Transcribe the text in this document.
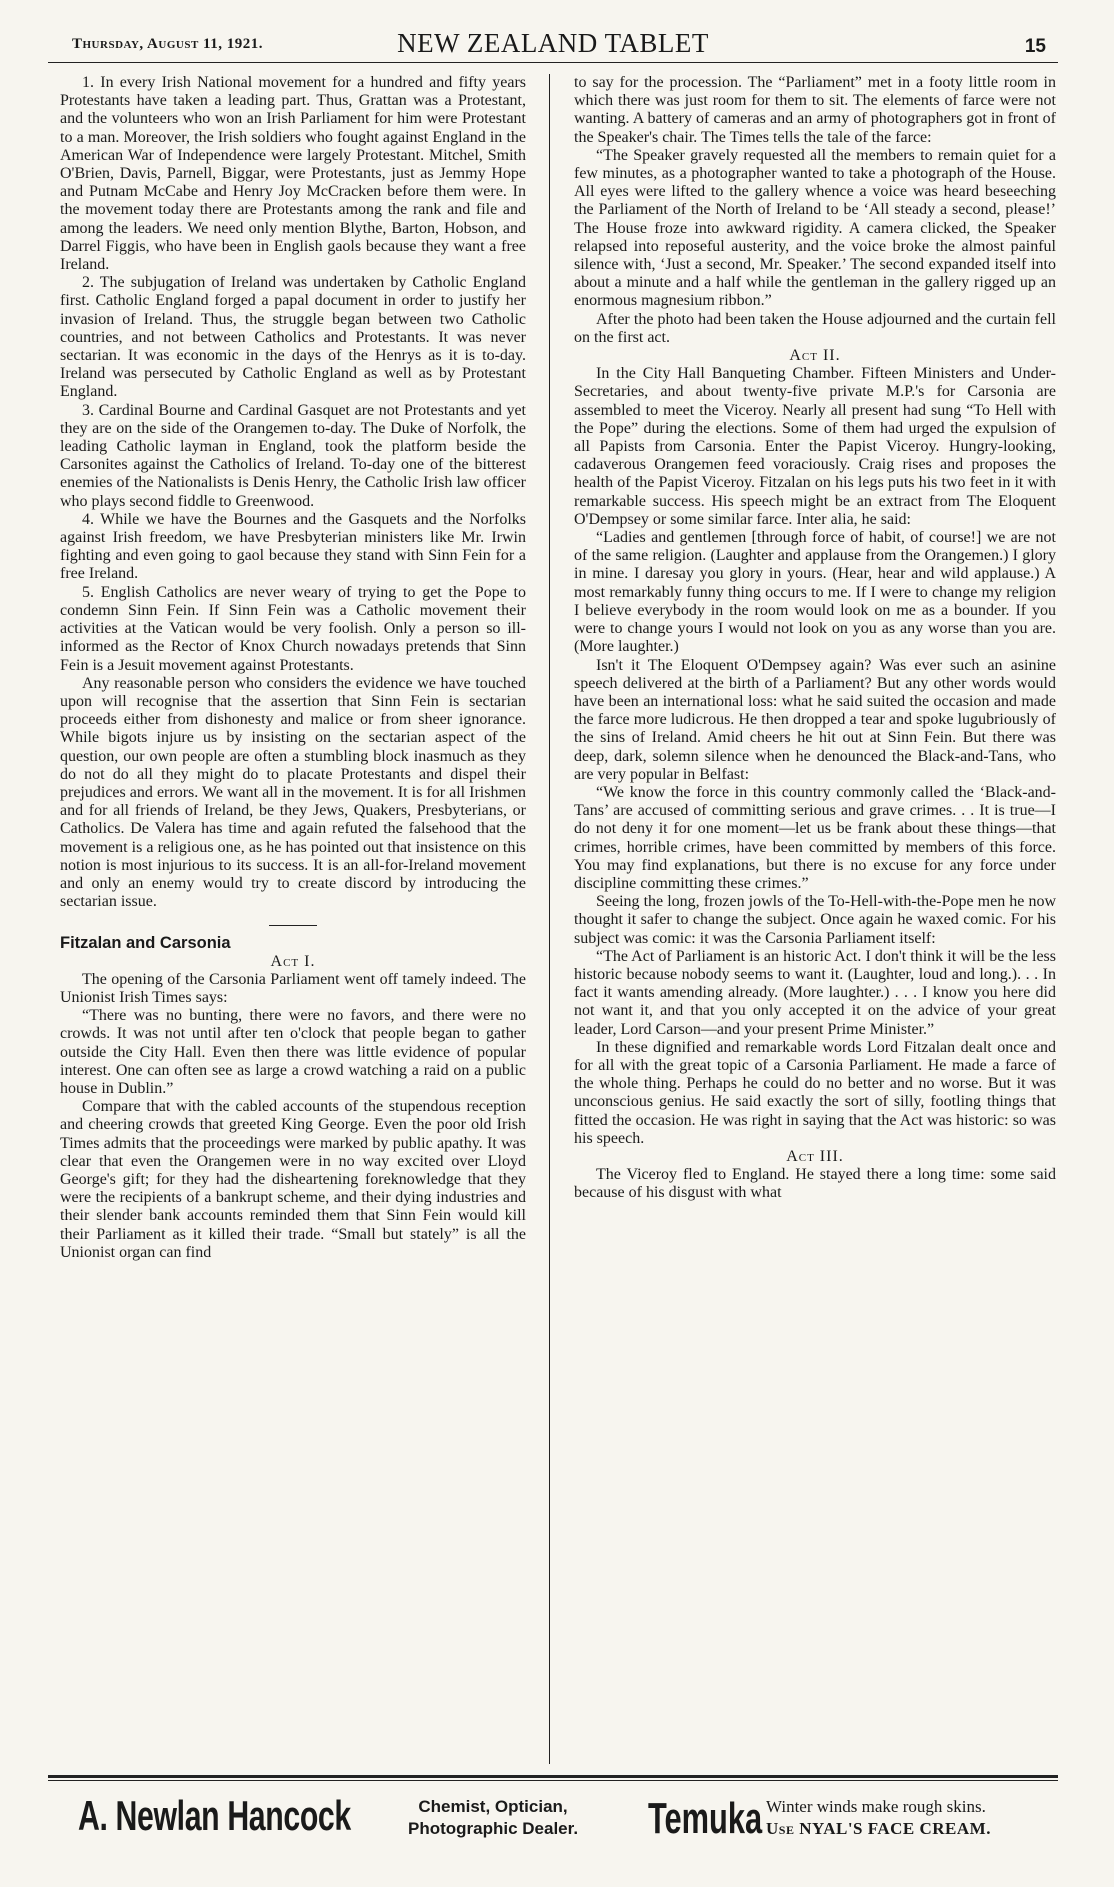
Thursday, August 11, 1921.	NEW ZEALAND TABLET	15

1. In every Irish National movement for a hundred and fifty years Protestants have taken a leading part. Thus, Grattan was a Protestant, and the volunteers who won an Irish Parliament for him were Protestant to a man. Moreover, the Irish soldiers who fought against England in the American War of Independence were largely Protestant. Mitchel, Smith O'Brien, Davis, Parnell, Biggar, were Protestants, just as Jemmy Hope and Putnam McCabe and Henry Joy McCracken before them were. In the movement today there are Protestants among the rank and file and among the leaders. We need only mention Blythe, Barton, Hobson, and Darrel Figgis, who have been in English gaols because they want a free Ireland.

2. The subjugation of Ireland was undertaken by Catholic England first. Catholic England forged a papal document in order to justify her invasion of Ireland. Thus, the struggle began between two Catholic countries, and not between Catholics and Protestants. It was never sectarian. It was economic in the days of the Henrys as it is to-day. Ireland was persecuted by Catholic England as well as by Protestant England.

3. Cardinal Bourne and Cardinal Gasquet are not Protestants and yet they are on the side of the Orangemen to-day. The Duke of Norfolk, the leading Catholic layman in England, took the platform beside the Carsonites against the Catholics of Ireland. To-day one of the bitterest enemies of the Nationalists is Denis Henry, the Catholic Irish law officer who plays second fiddle to Greenwood.

4. While we have the Bournes and the Gasquets and the Norfolks against Irish freedom, we have Presbyterian ministers like Mr. Irwin fighting and even going to gaol because they stand with Sinn Fein for a free Ireland.

5. English Catholics are never weary of trying to get the Pope to condemn Sinn Fein. If Sinn Fein was a Catholic movement their activities at the Vatican would be very foolish. Only a person so ill-informed as the Rector of Knox Church nowadays pretends that Sinn Fein is a Jesuit movement against Protestants.

Any reasonable person who considers the evidence we have touched upon will recognise that the assertion that Sinn Fein is sectarian proceeds either from dishonesty and malice or from sheer ignorance. While bigots injure us by insisting on the sectarian aspect of the question, our own people are often a stumbling block inasmuch as they do not do all they might do to placate Protestants and dispel their prejudices and errors. We want all in the movement. It is for all Irishmen and for all friends of Ireland, be they Jews, Quakers, Presbyterians, or Catholics. De Valera has time and again refuted the falsehood that the movement is a religious one, as he has pointed out that insistence on this notion is most injurious to its success. It is an all-for-Ireland movement and only an enemy would try to create discord by introducing the sectarian issue.

Fitzalan and Carsonia

Act I.

The opening of the Carsonia Parliament went off tamely indeed. The Unionist Irish Times says:

“There was no bunting, there were no favors, and there were no crowds. It was not until after ten o'clock that people began to gather outside the City Hall. Even then there was little evidence of popular interest. One can often see as large a crowd watching a raid on a public house in Dublin.”

Compare that with the cabled accounts of the stupendous reception and cheering crowds that greeted King George. Even the poor old Irish Times admits that the proceedings were marked by public apathy. It was clear that even the Orangemen were in no way excited over Lloyd George's gift; for they had the disheartening foreknowledge that they were the recipients of a bankrupt scheme, and their dying industries and their slender bank accounts reminded them that Sinn Fein would kill their Parliament as it killed their trade. “Small but stately” is all the Unionist organ can find

to say for the procession. The “Parliament” met in a footy little room in which there was just room for them to sit. The elements of farce were not wanting. A battery of cameras and an army of photographers got in front of the Speaker's chair. The Times tells the tale of the farce:

“The Speaker gravely requested all the members to remain quiet for a few minutes, as a photographer wanted to take a photograph of the House. All eyes were lifted to the gallery whence a voice was heard beseeching the Parliament of the North of Ireland to be ‘All steady a second, please!’ The House froze into awkward rigidity. A camera clicked, the Speaker relapsed into reposeful austerity, and the voice broke the almost painful silence with, ‘Just a second, Mr. Speaker.’ The second expanded itself into about a minute and a half while the gentleman in the gallery rigged up an enormous magnesium ribbon.”

After the photo had been taken the House adjourned and the curtain fell on the first act.

Act II.

In the City Hall Banqueting Chamber. Fifteen Ministers and Under-Secretaries, and about twenty-five private M.P.'s for Carsonia are assembled to meet the Viceroy. Nearly all present had sung “To Hell with the Pope” during the elections. Some of them had urged the expulsion of all Papists from Carsonia. Enter the Papist Viceroy. Hungry-looking, cadaverous Orangemen feed voraciously. Craig rises and proposes the health of the Papist Viceroy. Fitzalan on his legs puts his two feet in it with remarkable success. His speech might be an extract from The Eloquent O'Dempsey or some similar farce. Inter alia, he said:

“Ladies and gentlemen [through force of habit, of course!] we are not of the same religion. (Laughter and applause from the Orangemen.) I glory in mine. I daresay you glory in yours. (Hear, hear and wild applause.) A most remarkably funny thing occurs to me. If I were to change my religion I believe everybody in the room would look on me as a bounder. If you were to change yours I would not look on you as any worse than you are. (More laughter.)

Isn't it The Eloquent O'Dempsey again? Was ever such an asinine speech delivered at the birth of a Parliament? But any other words would have been an international loss: what he said suited the occasion and made the farce more ludicrous. He then dropped a tear and spoke lugubriously of the sins of Ireland. Amid cheers he hit out at Sinn Fein. But there was deep, dark, solemn silence when he denounced the Black-and-Tans, who are very popular in Belfast:

“We know the force in this country commonly called the ‘Black-and-Tans’ are accused of committing serious and grave crimes. . . It is true—I do not deny it for one moment—let us be frank about these things—that crimes, horrible crimes, have been committed by members of this force. You may find explanations, but there is no excuse for any force under discipline committing these crimes.”

Seeing the long, frozen jowls of the To-Hell-with-the-Pope men he now thought it safer to change the subject. Once again he waxed comic. For his subject was comic: it was the Carsonia Parliament itself:

“The Act of Parliament is an historic Act. I don't think it will be the less historic because nobody seems to want it. (Laughter, loud and long.). . . In fact it wants amending already. (More laughter.) . . . I know you here did not want it, and that you only accepted it on the advice of your great leader, Lord Carson—and your present Prime Minister.”

In these dignified and remarkable words Lord Fitzalan dealt once and for all with the great topic of a Carsonia Parliament. He made a farce of the whole thing. Perhaps he could do no better and no worse. But it was unconscious genius. He said exactly the sort of silly, footling things that fitted the occasion. He was right in saying that the Act was historic: so was his speech.

Act III.

The Viceroy fled to England. He stayed there a long time: some said because of his disgust with what

A. Newlan Hancock	Chemist, Optician,
Photographic Dealer. Temuka Winter winds make rough skins.
Use NYAL'S FACE CREAM.
